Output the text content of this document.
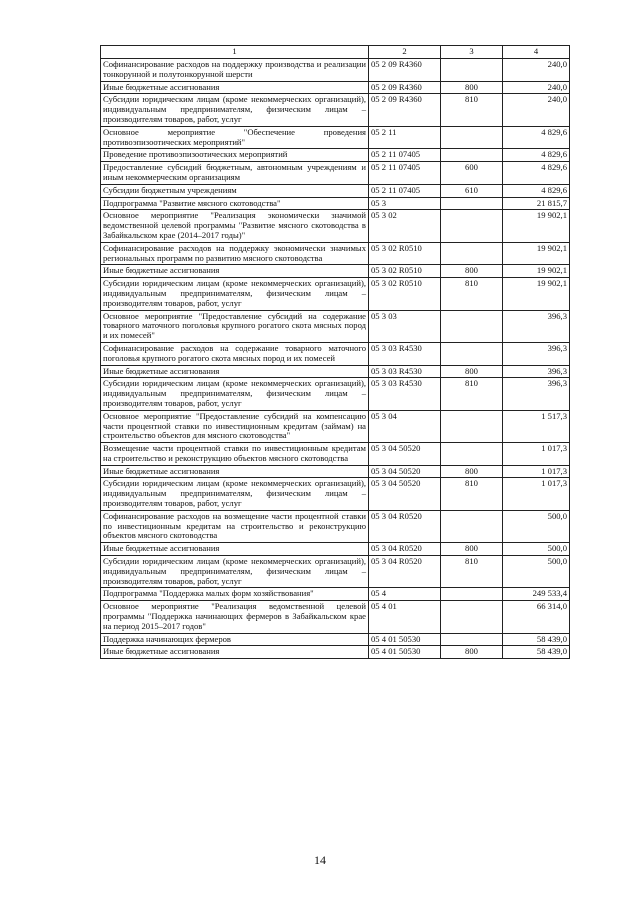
1	2	3	4
Софинансирование расходов на поддержку производства и реализации тонкорунной и полутонкорунной шерсти	05 2 09 R4360		240,0
Иные бюджетные ассигнования	05 2 09 R4360	800	240,0
Субсидии юридическим лицам (кроме некоммерческих организаций), индивидуальным предпринимателям, физическим лицам – производителям товаров, работ, услуг	05 2 09 R4360	810	240,0
Основное мероприятие "Обеспечение проведения противоэпизоотических мероприятий"	05 2 11		4 829,6
Проведение противоэпизоотических мероприятий	05 2 11 07405		4 829,6
Предоставление субсидий бюджетным, автономным учреждениям и иным некоммерческим организациям	05 2 11 07405	600	4 829,6
Субсидии бюджетным учреждениям	05 2 11 07405	610	4 829,6
Подпрограмма "Развитие мясного скотоводства"	05 3		21 815,7
Основное мероприятие "Реализация экономически значимой ведомственной целевой программы "Развитие мясного скотоводства в Забайкальском крае (2014–2017 годы)"	05 3 02		19 902,1
Софинансирование расходов на поддержку экономически значимых региональных программ по развитию мясного скотоводства	05 3 02 R0510		19 902,1
Иные бюджетные ассигнования	05 3 02 R0510	800	19 902,1
Субсидии юридическим лицам (кроме некоммерческих организаций), индивидуальным предпринимателям, физическим лицам – производителям товаров, работ, услуг	05 3 02 R0510	810	19 902,1
Основное мероприятие "Предоставление субсидий на содержание товарного маточного поголовья крупного рогатого скота мясных пород и их помесей"	05 3 03		396,3
Софинансирование расходов на содержание товарного маточного поголовья крупного рогатого скота мясных пород и их помесей	05 3 03 R4530		396,3
Иные бюджетные ассигнования	05 3 03 R4530	800	396,3
Субсидии юридическим лицам (кроме некоммерческих организаций), индивидуальным предпринимателям, физическим лицам – производителям товаров, работ, услуг	05 3 03 R4530	810	396,3
Основное мероприятие "Предоставление субсидий на компенсацию части процентной ставки по инвестиционным кредитам (займам) на строительство объектов для мясного скотоводства"	05 3 04		1 517,3
Возмещение части процентной ставки по инвестиционным кредитам на строительство и реконструкцию объектов мясного скотоводства	05 3 04 50520		1 017,3
Иные бюджетные ассигнования	05 3 04 50520	800	1 017,3
Субсидии юридическим лицам (кроме некоммерческих организаций), индивидуальным предпринимателям, физическим лицам – производителям товаров, работ, услуг	05 3 04 50520	810	1 017,3
Софинансирование расходов на возмещение части процентной ставки по инвестиционным кредитам на строительство и реконструкцию объектов мясного скотоводства	05 3 04 R0520		500,0
Иные бюджетные ассигнования	05 3 04 R0520	800	500,0
Субсидии юридическим лицам (кроме некоммерческих организаций), индивидуальным предпринимателям, физическим лицам – производителям товаров, работ, услуг	05 3 04 R0520	810	500,0
Подпрограмма "Поддержка малых форм хозяйствования"	05 4		249 533,4
Основное мероприятие "Реализация ведомственной целевой программы "Поддержка начинающих фермеров в Забайкальском крае на период 2015–2017 годов"	05 4 01		66 314,0
Поддержка начинающих фермеров	05 4 01 50530		58 439,0
Иные бюджетные ассигнования	05 4 01 50530	800	58 439,0
14
